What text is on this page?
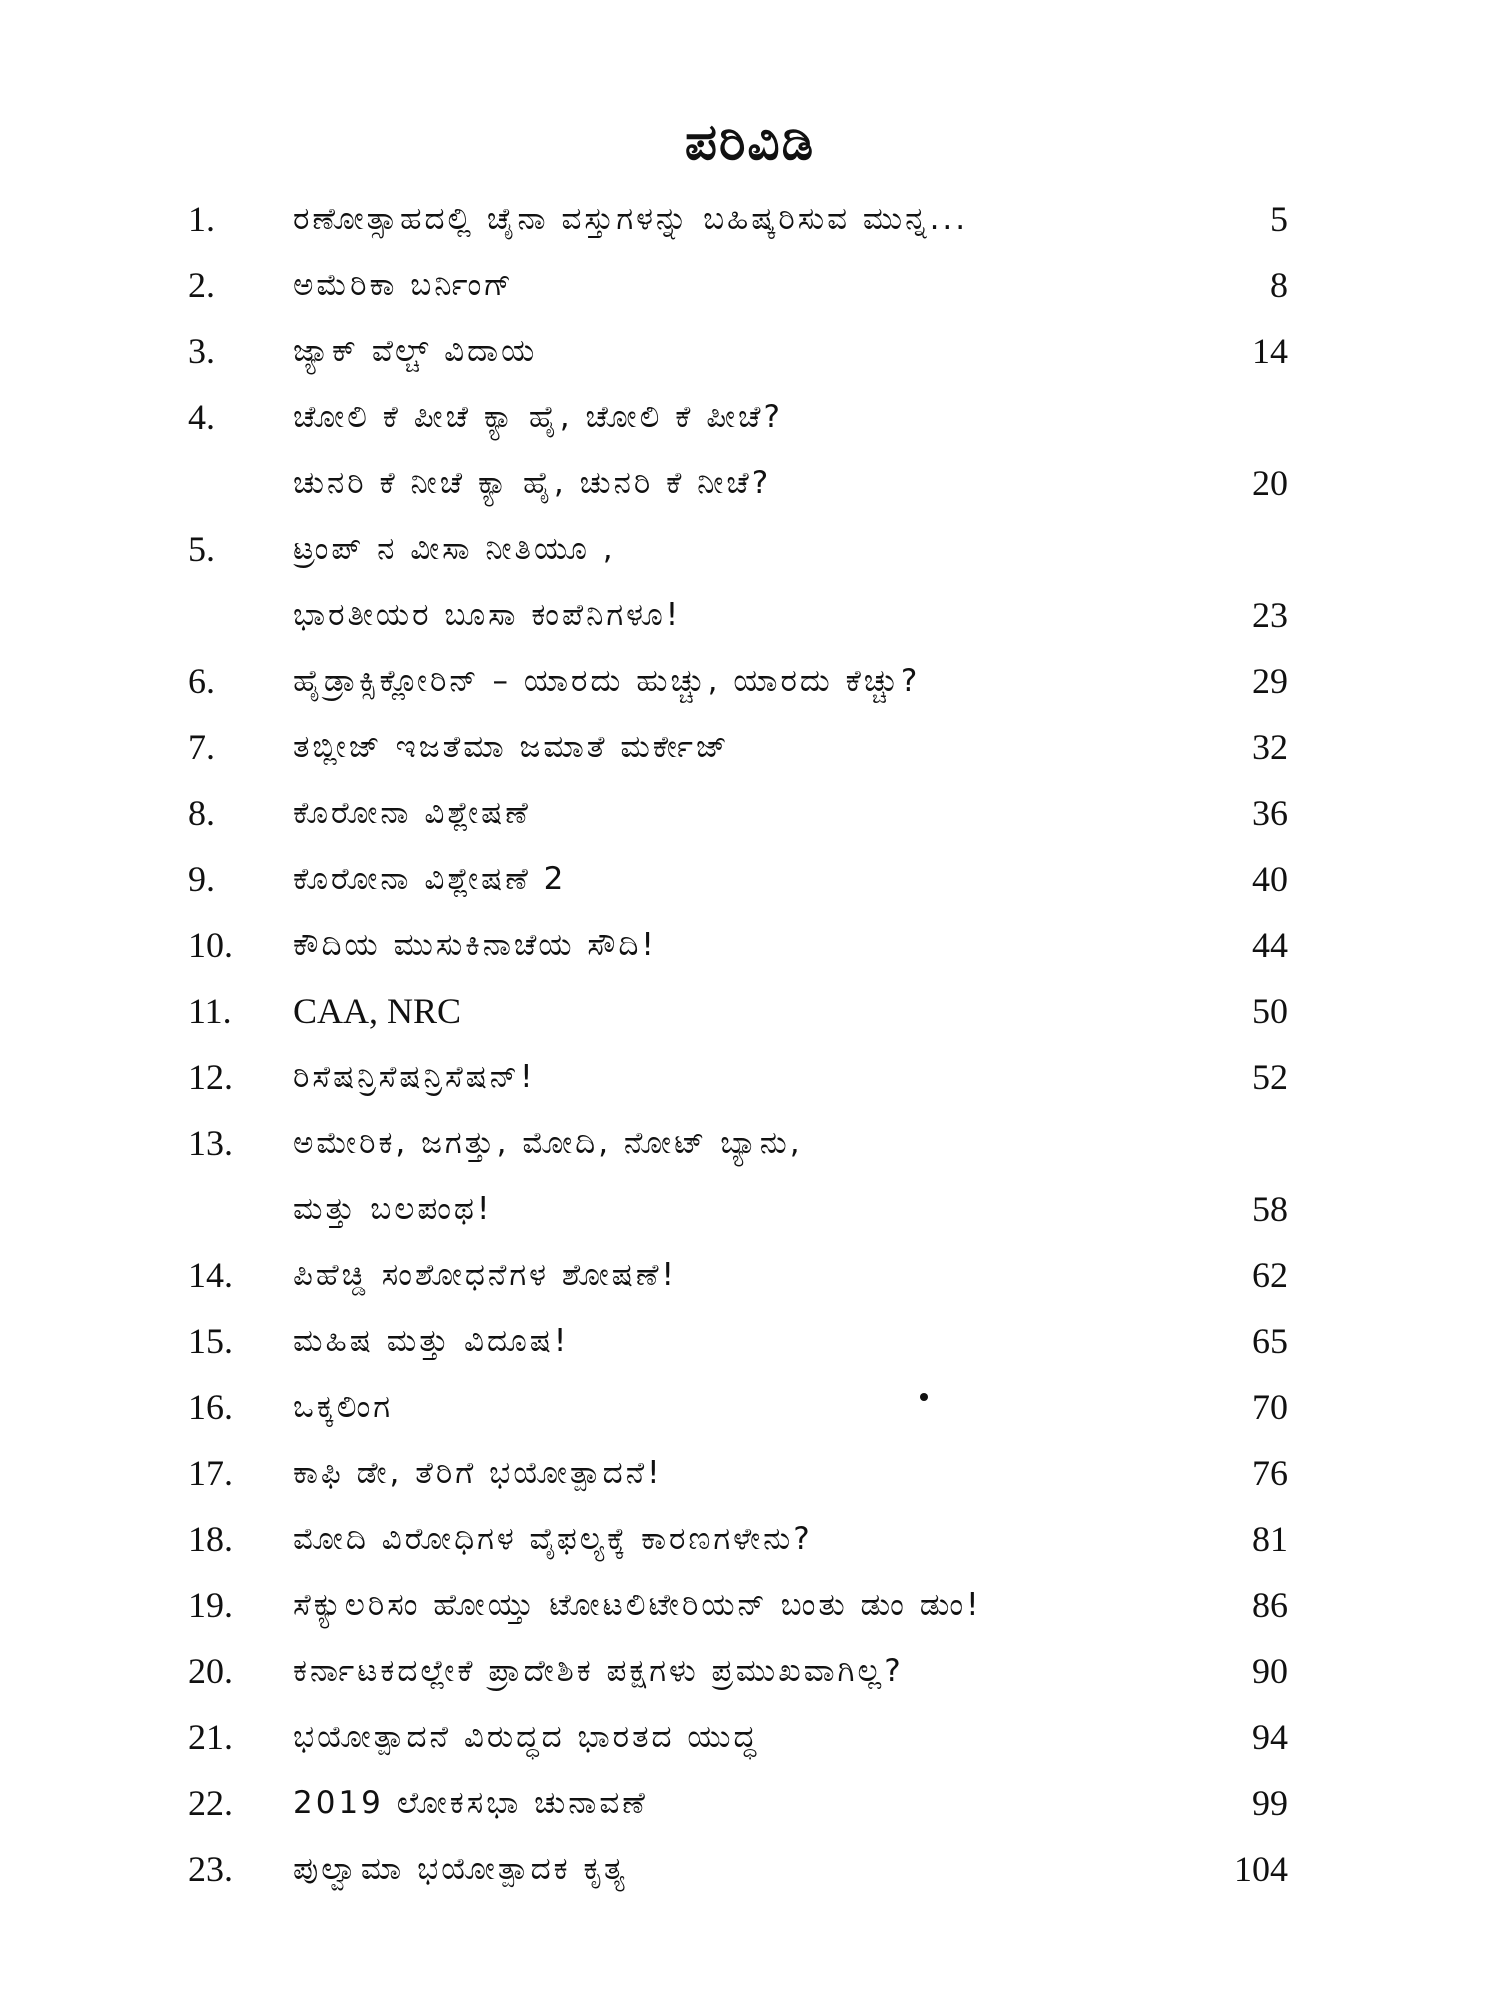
ಪರಿವಿಡಿ
1.	ರಣೋತ್ಸಾಹದಲ್ಲಿ ಚೈನಾ ವಸ್ತುಗಳನ್ನು ಬಹಿಷ್ಕರಿಸುವ ಮುನ್ನ...	5
2.	ಅಮೆರಿಕಾ ಬರ್ನಿಂಗ್	8
3.	ಜ್ಯಾಕ್ ವೆಲ್ಚ್ ವಿದಾಯ	14
4.	ಚೋಲಿ ಕೆ ಪೀಚೆ ಕ್ಯಾ ಹೈ, ಚೋಲಿ ಕೆ ಪೀಚೆ?
ಚುನರಿ ಕೆ ನೀಚೆ ಕ್ಯಾ ಹೈ, ಚುನರಿ ಕೆ ನೀಚೆ?	20
5.	ಟ್ರಂಪ್ ನ ವೀಸಾ ನೀತಿಯೂ ,
ಭಾರತೀಯರ ಬೂಸಾ ಕಂಪೆನಿಗಳೂ!	23
6.	ಹೈಡ್ರಾಕ್ಸಿಕ್ಲೋರಿನ್ – ಯಾರದು ಹುಚ್ಚು, ಯಾರದು ಕೆಚ್ಚು?	29
7.	ತಬ್ಲೀಜ್ ಇಜತೆಮಾ ಜಮಾತೆ ಮರ್ಕೇಜ್	32
8.	ಕೊರೋನಾ ವಿಶ್ಲೇಷಣೆ	36
9.	ಕೊರೋನಾ ವಿಶ್ಲೇಷಣೆ 2	40
10.	ಕೌದಿಯ ಮುಸುಕಿನಾಚೆಯ ಸೌದಿ!	44
11.	CAA, NRC	50
12.	ರಿಸೆಷನ್ರಿಸೆಷನ್ರಿಸೆಷನ್!	52
13.	ಅಮೇರಿಕ, ಜಗತ್ತು, ಮೋದಿ, ನೋಟ್ ಬ್ಯಾನು,
ಮತ್ತು ಬಲಪಂಥ!	58
14.	ಪಿಹೆಚ್ಡಿ ಸಂಶೋಧನೆಗಳ ಶೋಷಣೆ!	62
15.	ಮಹಿಷ ಮತ್ತು ವಿದೂಷ!	65
16.	ಒಕ್ಕಲಿಂಗ	70
17.	ಕಾಫಿ ಡೇ, ತೆರಿಗೆ ಭಯೋತ್ಪಾದನೆ!	76
18.	ಮೋದಿ ವಿರೋಧಿಗಳ ವೈಫಲ್ಯಕ್ಕೆ ಕಾರಣಗಳೇನು?	81
19.	ಸೆಕ್ಯುಲರಿಸಂ ಹೋಯ್ತು ಟೋಟಲಿಟೇರಿಯನ್ ಬಂತು ಡುಂ ಡುಂ!	86
20.	ಕರ್ನಾಟಕದಲ್ಲೇಕೆ ಪ್ರಾದೇಶಿಕ ಪಕ್ಷಗಳು ಪ್ರಮುಖವಾಗಿಲ್ಲ?	90
21.	ಭಯೋತ್ಪಾದನೆ ವಿರುದ್ಧದ ಭಾರತದ ಯುದ್ಧ	94
22.	2019 ಲೋಕಸಭಾ ಚುನಾವಣೆ	99
23.	ಪುಲ್ವಾಮಾ ಭಯೋತ್ಪಾದಕ ಕೃತ್ಯ	104
